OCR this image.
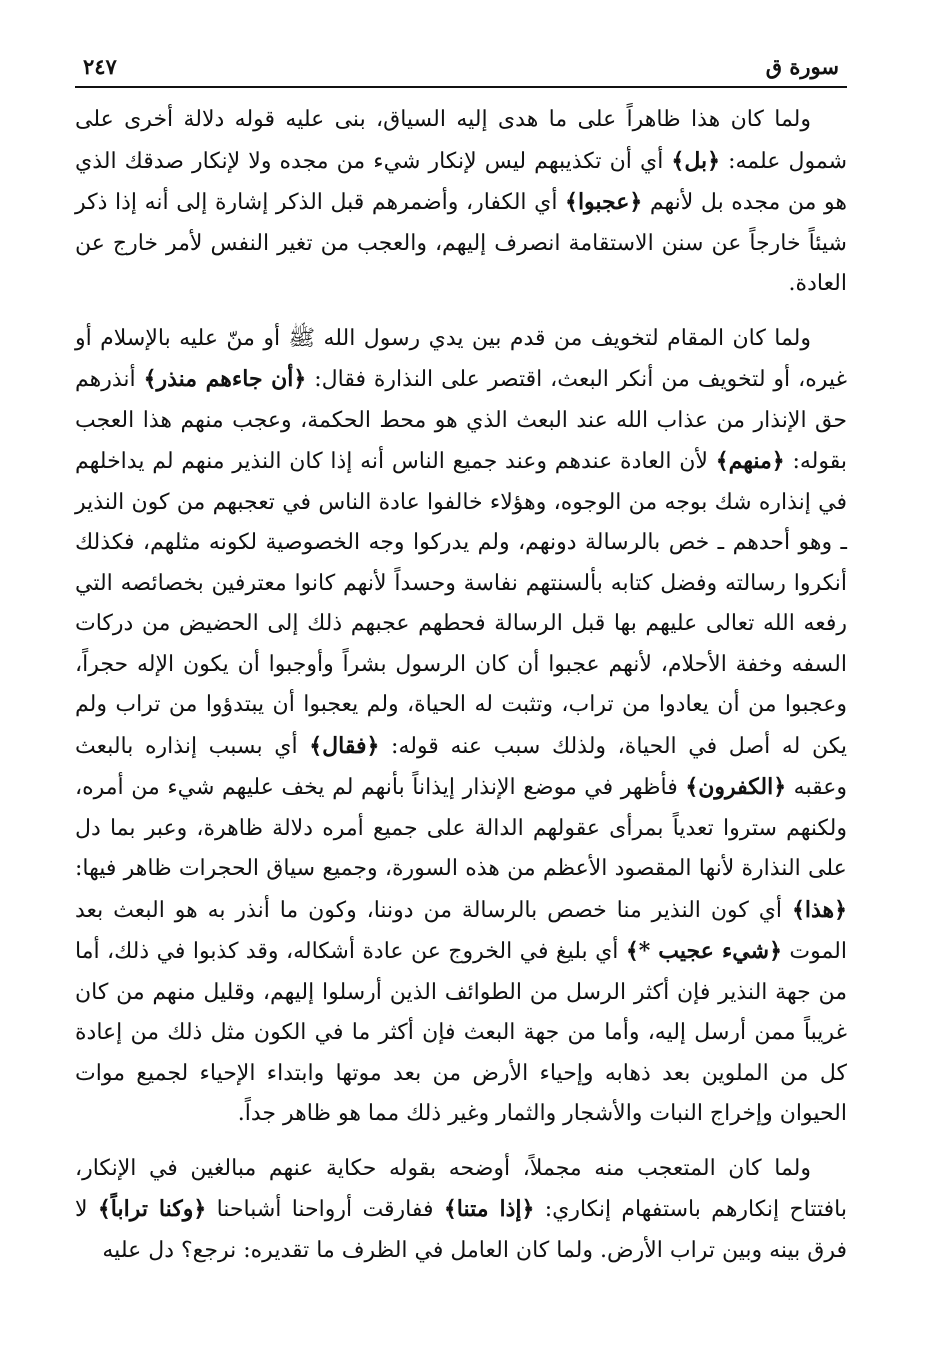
سورة ق
٢٤٧

ولما كان هذا ظاهراً على ما هدى إليه السياق، بنى عليه قوله دلالة أخرى على شمول علمه: ﴿بل﴾ أي أن تكذيبهم ليس لإنكار شيء من مجده ولا لإنكار صدقك الذي هو من مجده بل لأنهم ﴿عجبوا﴾ أي الكفار، وأضمرهم قبل الذكر إشارة إلى أنه إذا ذكر شيئاً خارجاً عن سنن الاستقامة انصرف إليهم، والعجب من تغير النفس لأمر خارج عن العادة.

ولما كان المقام لتخويف من قدم بين يدي رسول الله ﷺ أو منّ عليه بالإسلام أو غيره، أو لتخويف من أنكر البعث، اقتصر على النذارة فقال: ﴿أن جاءهم منذر﴾ أنذرهم حق الإنذار من عذاب الله عند البعث الذي هو محط الحكمة، وعجب منهم هذا العجب بقوله: ﴿منهم﴾ لأن العادة عندهم وعند جميع الناس أنه إذا كان النذير منهم لم يداخلهم في إنذاره شك بوجه من الوجوه، وهؤلاء خالفوا عادة الناس في تعجبهم من كون النذير ـ وهو أحدهم ـ خص بالرسالة دونهم، ولم يدركوا وجه الخصوصية لكونه مثلهم، فكذلك أنكروا رسالته وفضل كتابه بألسنتهم نفاسة وحسداً لأنهم كانوا معترفين بخصائصه التي رفعه الله تعالى عليهم بها قبل الرسالة فحطهم عجبهم ذلك إلى الحضيض من دركات السفه وخفة الأحلام، لأنهم عجبوا أن كان الرسول بشراً وأوجبوا أن يكون الإله حجراً، وعجبوا من أن يعادوا من تراب، وتثبت له الحياة، ولم يعجبوا أن يبتدؤوا من تراب ولم يكن له أصل في الحياة، ولذلك سبب عنه قوله: ﴿فقال﴾ أي بسبب إنذاره بالبعث وعقبه ﴿الكفرون﴾ فأظهر في موضع الإنذار إيذاناً بأنهم لم يخف عليهم شيء من أمره، ولكنهم ستروا تعدياً بمرأى عقولهم الدالة على جميع أمره دلالة ظاهرة، وعبر بما دل على النذارة لأنها المقصود الأعظم من هذه السورة، وجميع سياق الحجرات ظاهر فيها: ﴿هذا﴾ أي كون النذير منا خصص بالرسالة من دوننا، وكون ما أنذر به هو البعث بعد الموت ﴿شيء عجيب *﴾ أي بليغ في الخروج عن عادة أشكاله، وقد كذبوا في ذلك، أما من جهة النذير فإن أكثر الرسل من الطوائف الذين أرسلوا إليهم، وقليل منهم من كان غريباً ممن أرسل إليه، وأما من جهة البعث فإن أكثر ما في الكون مثل ذلك من إعادة كل من الملوين بعد ذهابه وإحياء الأرض من بعد موتها وابتداء الإحياء لجميع موات الحيوان وإخراج النبات والأشجار والثمار وغير ذلك مما هو ظاهر جداً.

ولما كان المتعجب منه مجملاً، أوضحه بقوله حكاية عنهم مبالغين في الإنكار، بافتتاح إنكارهم باستفهام إنكاري: ﴿إذا متنا﴾ ففارقت أرواحنا أشباحنا ﴿وكنا تراباً﴾ لا فرق بينه وبين تراب الأرض. ولما كان العامل في الظرف ما تقديره: نرجع؟ دل عليه
